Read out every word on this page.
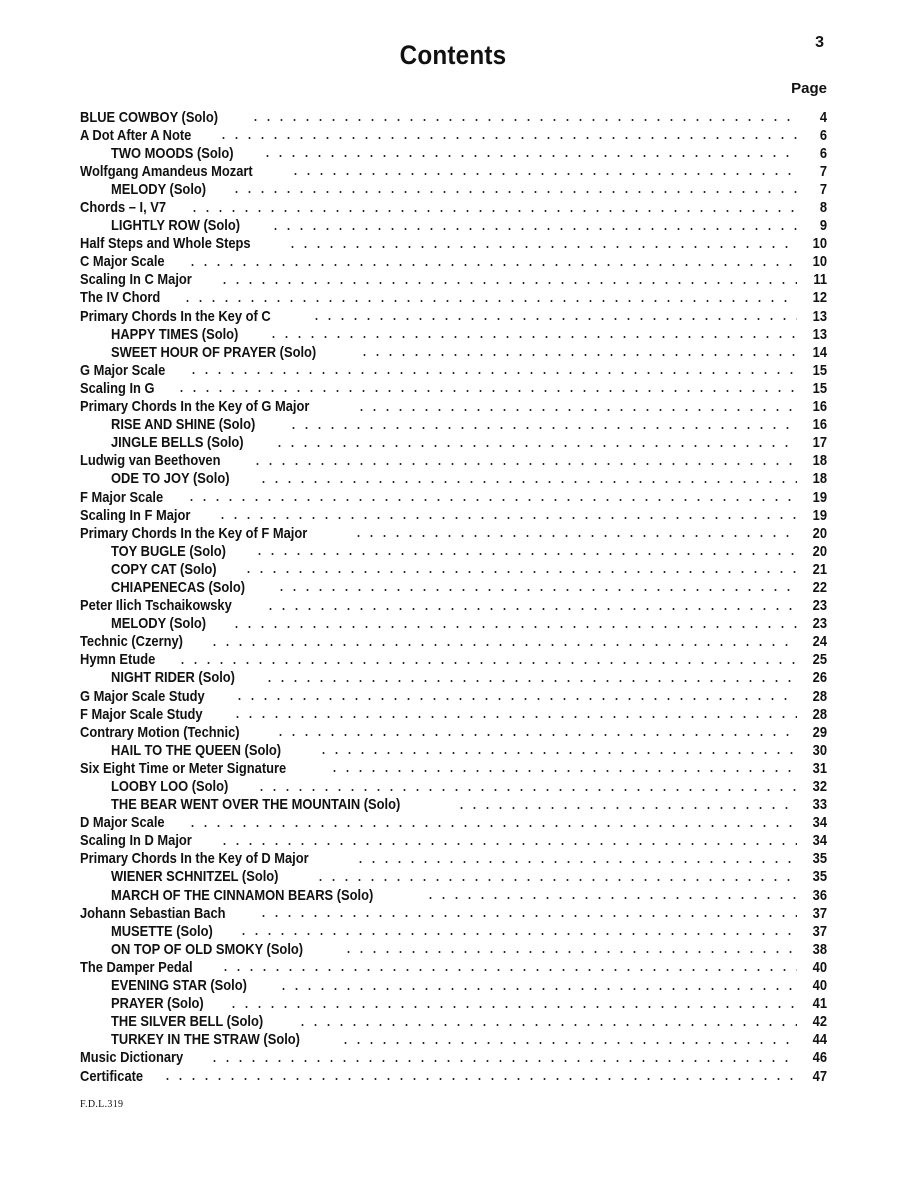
3
Contents
Page
BLUE COWBOY (Solo)	4
A Dot After A Note	6
TWO MOODS (Solo)	6
Wolfgang Amandeus Mozart	7
MELODY (Solo)	7
Chords – I, V7	8
LIGHTLY ROW (Solo)	9
Half Steps and Whole Steps	10
C Major Scale	10
Scaling In C Major	11
The IV Chord	12
Primary Chords In the Key of C	13
HAPPY TIMES (Solo)	13
SWEET HOUR OF PRAYER (Solo)	14
G Major Scale	15
Scaling In G	15
Primary Chords In the Key of G Major	16
RISE AND SHINE (Solo)	16
JINGLE BELLS (Solo)	17
Ludwig van Beethoven	18
ODE TO JOY (Solo)	18
F Major Scale	19
Scaling In F Major	19
Primary Chords In the Key of F Major	20
TOY BUGLE (Solo)	20
COPY CAT (Solo)	21
CHIAPENECAS (Solo)	22
Peter Ilich Tschaikowsky	23
MELODY (Solo)	23
Technic (Czerny)	24
Hymn Etude	25
NIGHT RIDER (Solo)	26
G Major Scale Study	28
F Major Scale Study	28
Contrary Motion (Technic)	29
HAIL TO THE QUEEN (Solo)	30
Six Eight Time or Meter Signature	31
LOOBY LOO (Solo)	32
THE BEAR WENT OVER THE MOUNTAIN (Solo)	33
D Major Scale	34
Scaling In D Major	34
Primary Chords In the Key of D Major	35
WIENER SCHNITZEL (Solo)	35
MARCH OF THE CINNAMON BEARS (Solo)	36
Johann Sebastian Bach	37
MUSETTE (Solo)	37
ON TOP OF OLD SMOKY (Solo)	38
The Damper Pedal	40
EVENING STAR (Solo)	40
PRAYER (Solo)	41
THE SILVER BELL (Solo)	42
TURKEY IN THE STRAW (Solo)	44
Music Dictionary	46
Certificate	47
F.D.L.319
